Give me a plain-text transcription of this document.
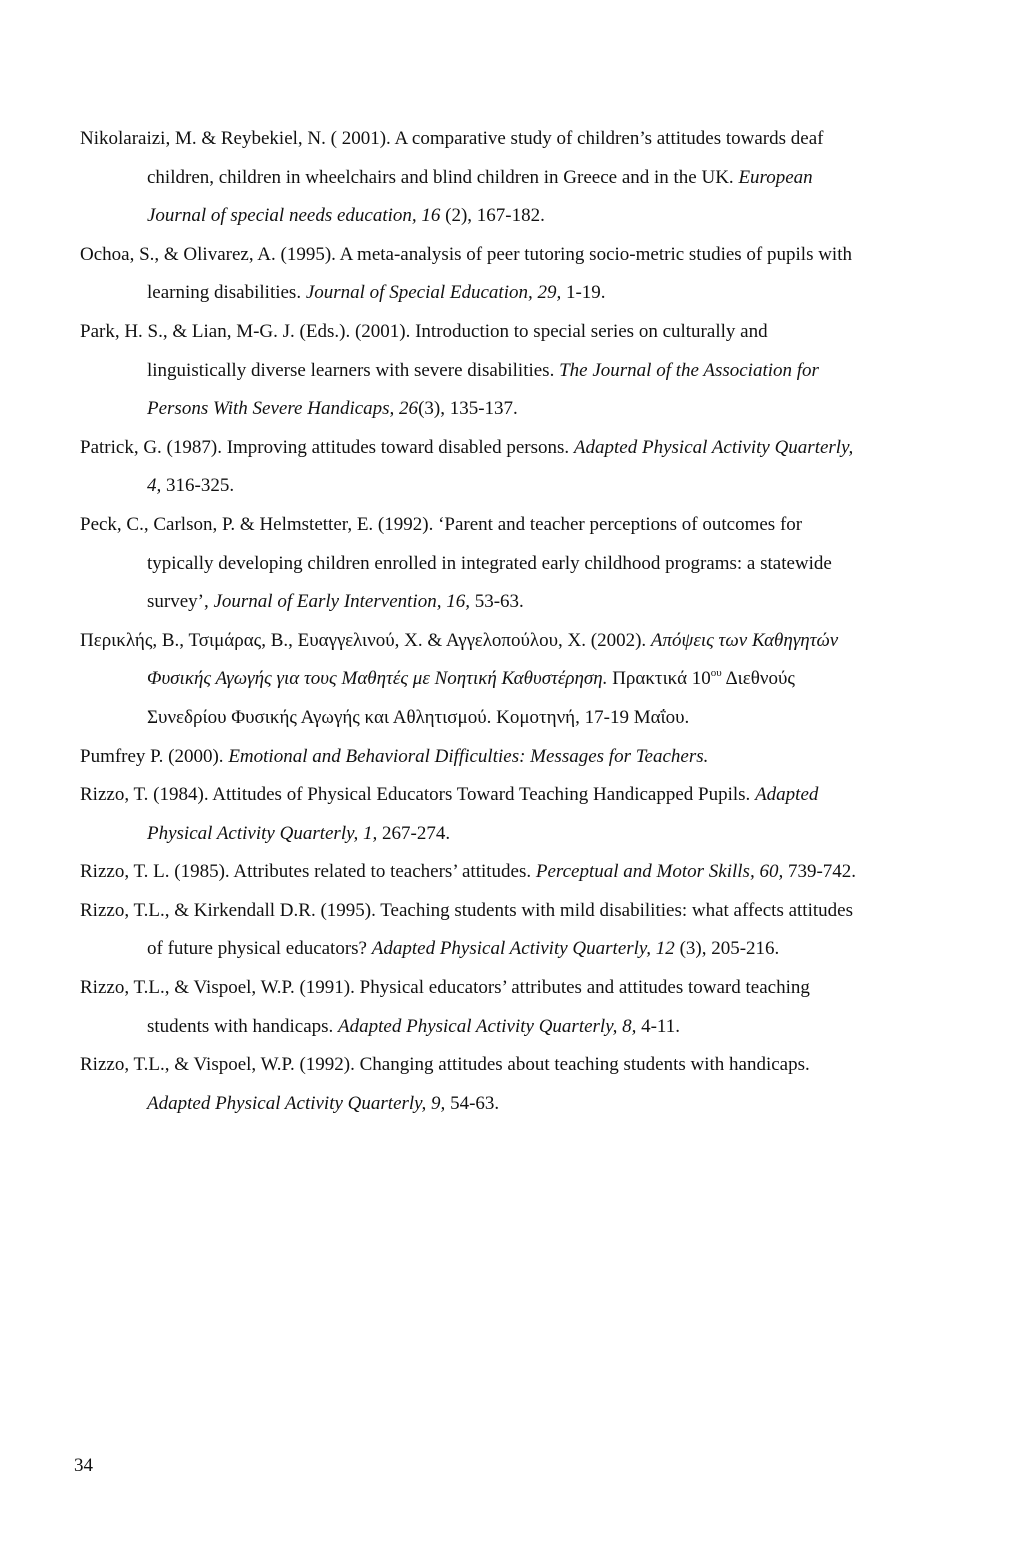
Nikolaraizi, M. & Reybekiel, N. ( 2001). A comparative study of children’s attitudes towards deaf children, children in wheelchairs and blind children in Greece and in the UK. European Journal of special needs education, 16 (2), 167-182.

Ochoa, S., & Olivarez, A. (1995). A meta-analysis of peer tutoring socio-metric studies of pupils with learning disabilities. Journal of Special Education, 29, 1-19.

Park, H. S., & Lian, M-G. J. (Eds.). (2001). Introduction to special series on culturally and linguistically diverse learners with severe disabilities. The Journal of the Association for Persons With Severe Handicaps, 26(3), 135-137.

Patrick, G. (1987). Improving attitudes toward disabled persons. Adapted Physical Activity Quarterly, 4, 316-325.

Peck, C., Carlson, P. & Helmstetter, E. (1992). ‘Parent and teacher perceptions of outcomes for typically developing children enrolled in integrated early childhood programs: a statewide survey’, Journal of Early Intervention, 16, 53-63.

Περικλής, Β., Τσιμάρας, Β., Ευαγγελινού, Χ. & Αγγελοπούλου, Χ. (2002). Απόψεις των Καθηγητών Φυσικής Αγωγής για τους Μαθητές με Νοητική Καθυστέρηση. Πρακτικά $10^{o\upsilon}$ Διεθνούς Συνεδρίου Φυσικής Αγωγής και Αθλητισμού. Κομοτηνή, 17-19 Μαΐου.

Pumfrey P. (2000). Emotional and Behavioral Difficulties: Messages for Teachers.

Rizzo, T. (1984). Attitudes of Physical Educators Toward Teaching Handicapped Pupils. Adapted Physical Activity Quarterly, 1, 267-274.

Rizzo, T. L. (1985). Attributes related to teachers’ attitudes. Perceptual and Motor Skills, 60, 739-742.

Rizzo, T.L., & Kirkendall D.R. (1995). Teaching students with mild disabilities: what affects attitudes of future physical educators? Adapted Physical Activity Quarterly, 12 (3), 205-216.

Rizzo, T.L., & Vispoel, W.P. (1991). Physical educators’ attributes and attitudes toward teaching students with handicaps. Adapted Physical Activity Quarterly, 8, 4-11.

Rizzo, T.L., & Vispoel, W.P. (1992). Changing attitudes about teaching students with handicaps. Adapted Physical Activity Quarterly, 9, 54-63.

34
